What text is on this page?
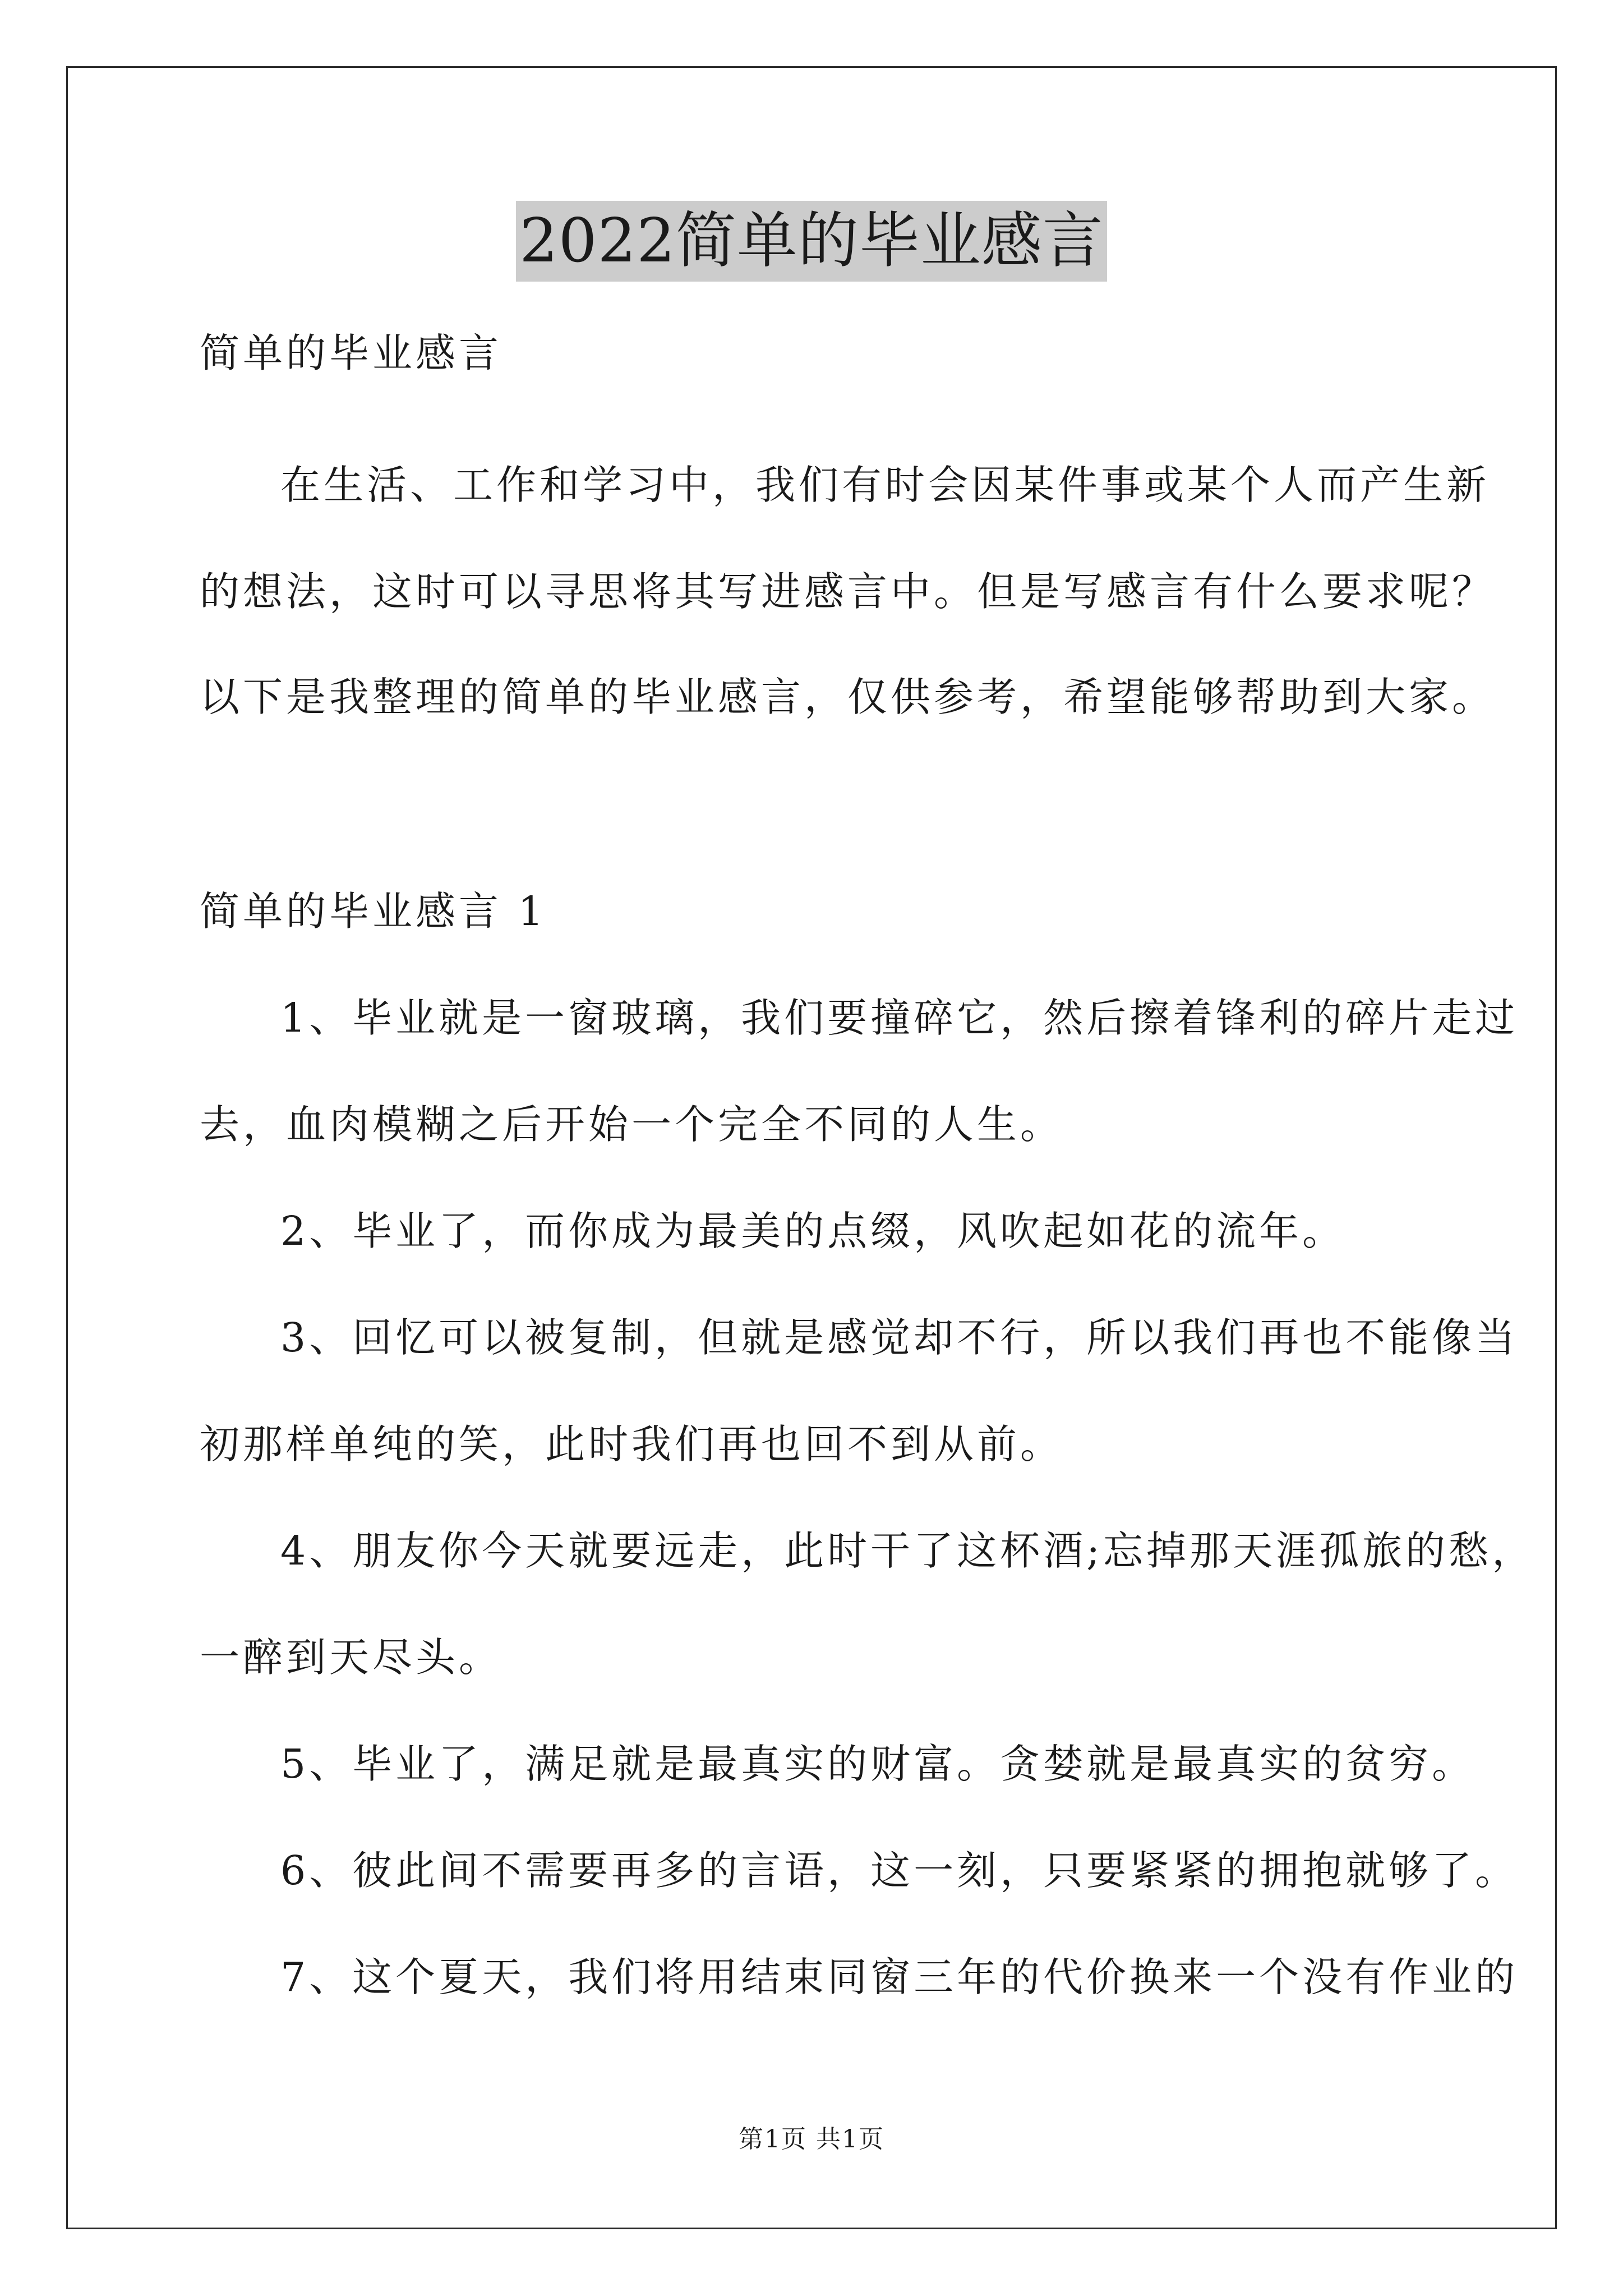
2022简单的毕业感言
简单的毕业感言
在生活、工作和学习中，我们有时会因某件事或某个人而产生新
的想法，这时可以寻思将其写进感言中。但是写感言有什么要求呢？
以下是我整理的简单的毕业感言，仅供参考，希望能够帮助到大家。
简单的毕业感言 1
1、毕业就是一窗玻璃，我们要撞碎它，然后擦着锋利的碎片走过
去，血肉模糊之后开始一个完全不同的人生。
2、毕业了，而你成为最美的点缀，风吹起如花的流年。
3、回忆可以被复制，但就是感觉却不行，所以我们再也不能像当
初那样单纯的笑，此时我们再也回不到从前。
4、朋友你今天就要远走，此时干了这杯酒;忘掉那天涯孤旅的愁，
一醉到天尽头。
5、毕业了，满足就是最真实的财富。贪婪就是最真实的贫穷。
6、彼此间不需要再多的言语，这一刻，只要紧紧的拥抱就够了。
7、这个夏天，我们将用结束同窗三年的代价换来一个没有作业的
第1页 共1页
